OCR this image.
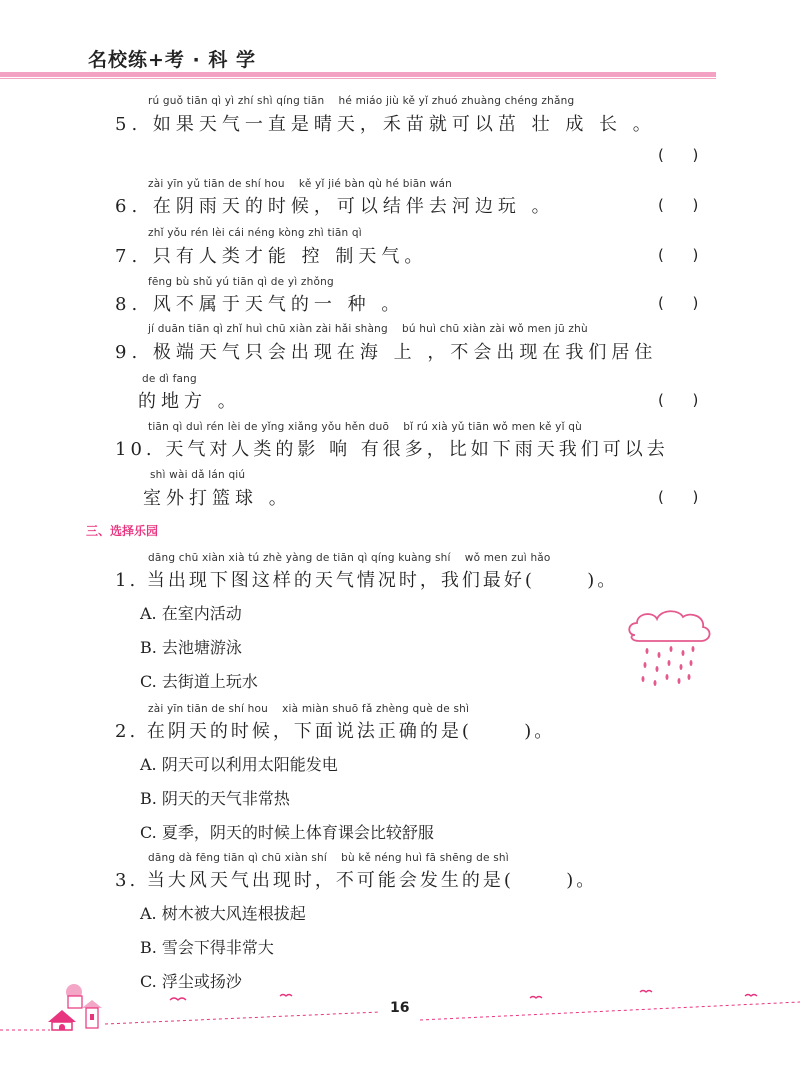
名校练+考 · 科 学
rú guǒ tiān qì yì zhí shì qíng tiān    hé miáo jiù kě yǐ zhuó zhuàng chéng zhǎng
5. 如果天气一直是晴天，禾苗就可以茁 壮 成 长 。
(      )
zài yīn yǔ tiān de shí hou    kě yǐ jié bàn qù hé biān wán
6. 在阴雨天的时候，可以结伴去河边玩 。	(      )
zhǐ yǒu rén lèi cái néng kòng zhì tiān qì
7. 只有人类才能 控 制天气。	(      )
fēng bù shǔ yú tiān qì de yì zhǒng
8. 风不属于天气的一 种 。	(      )
jí duān tiān qì zhǐ huì chū xiàn zài hǎi shàng    bú huì chū xiàn zài wǒ men jū zhù
9. 极端天气只会出现在海 上 ，不会出现在我们居住
de dì fang
的地方 。	(      )
tiān qì duì rén lèi de yǐng xiǎng yǒu hěn duō    bǐ rú xià yǔ tiān wǒ men kě yǐ qù
10. 天气对人类的影 响 有很多，比如下雨天我们可以去
shì wài dǎ lán qiú
室外打篮球 。	(      )
三、选择乐园
dāng chū xiàn xià tú zhè yàng de tiān qì qíng kuàng shí    wǒ men zuì hǎo
1. 当出现下图这样的天气情况时，我们最好(      )。
A. 在室内活动
B. 去池塘游泳
C. 去街道上玩水
zài yīn tiān de shí hou    xià miàn shuō fǎ zhèng què de shì
2. 在阴天的时候，下面说法正确的是(      )。
A. 阴天可以利用太阳能发电
B. 阴天的天气非常热
C. 夏季，阴天的时候上体育课会比较舒服
dāng dà fēng tiān qì chū xiàn shí    bù kě néng huì fā shēng de shì
3. 当大风天气出现时，不可能会发生的是(      )。
A. 树木被大风连根拔起
B. 雪会下得非常大
C. 浮尘或扬沙
16
